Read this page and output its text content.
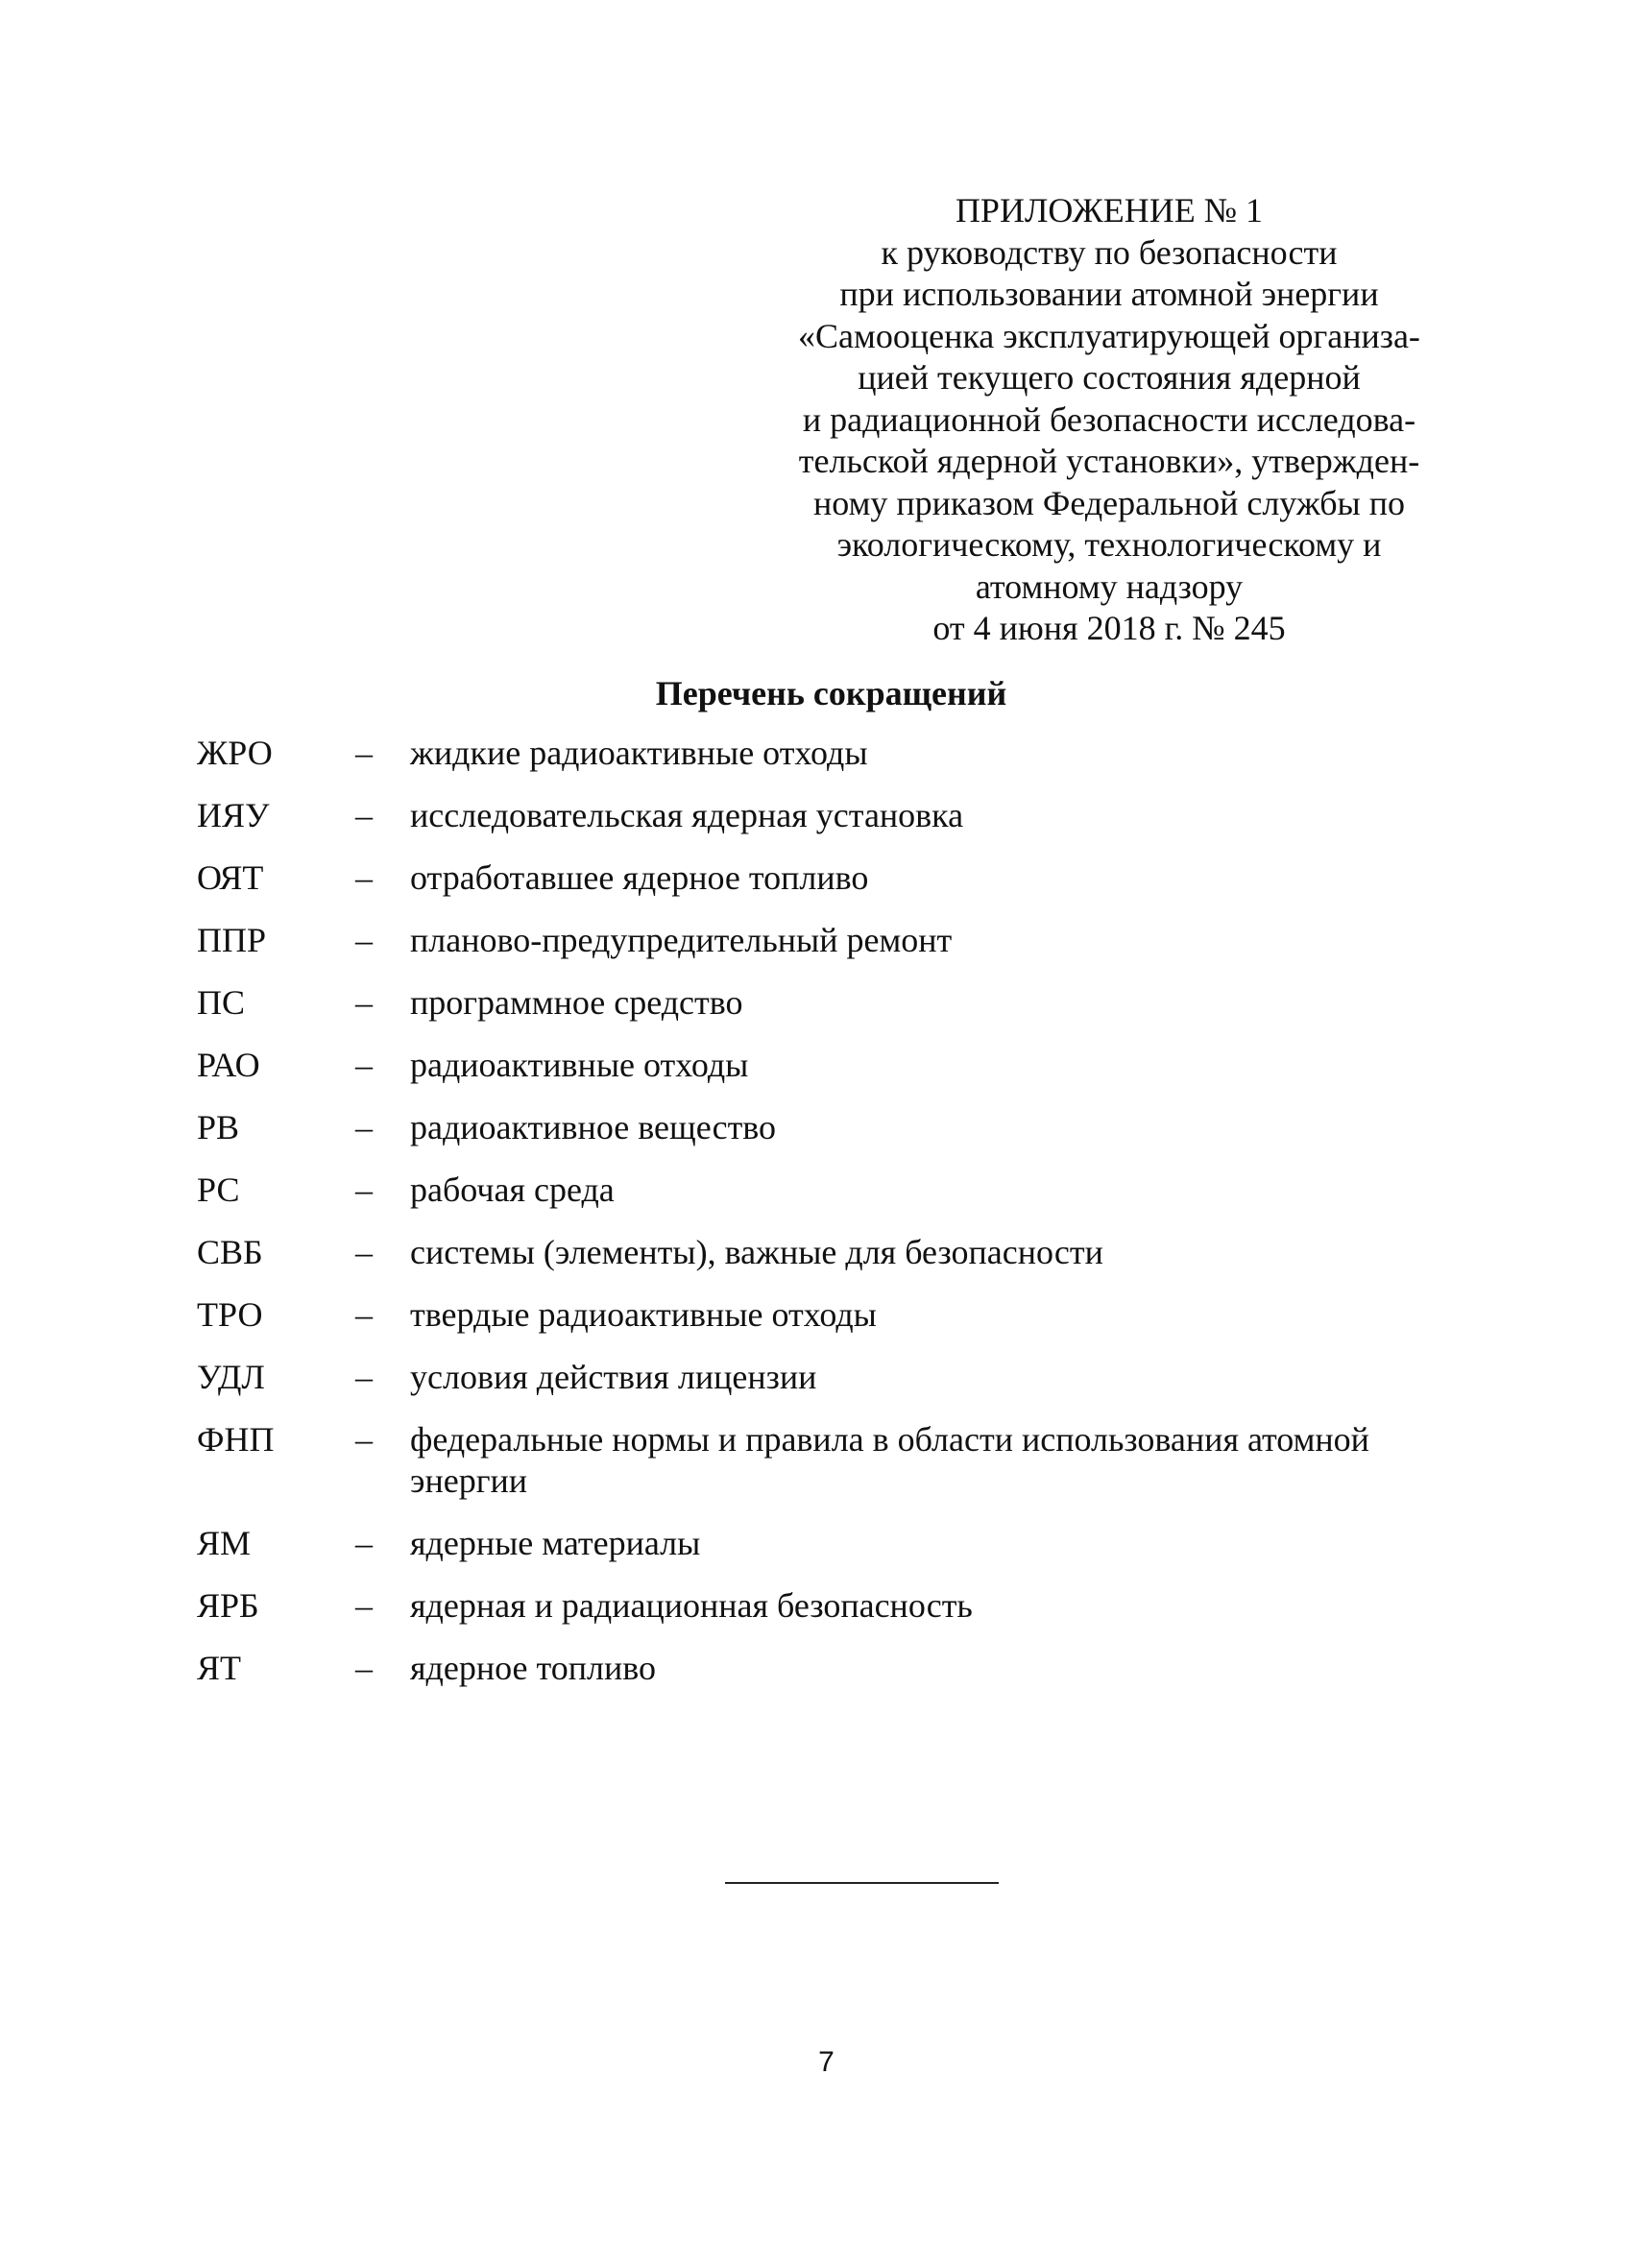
ПРИЛОЖЕНИЕ № 1
к руководству по безопасности
при использовании атомной энергии
«Самооценка эксплуатирующей организа-
цией текущего состояния ядерной
и радиационной безопасности исследова-
тельской ядерной установки», утвержден-
ному приказом Федеральной службы по
экологическому, технологическому и
атомному надзору
от 4 июня 2018 г. № 245
Перечень сокращений
ЖРО	–	жидкие радиоактивные отходы
ИЯУ	–	исследовательская ядерная установка
ОЯТ	–	отработавшее ядерное топливо
ППР	–	планово-предупредительный ремонт
ПС	–	программное средство
РАО	–	радиоактивные отходы
РВ	–	радиоактивное вещество
РС	–	рабочая среда
СВБ	–	системы (элементы), важные для безопасности
ТРО	–	твердые радиоактивные отходы
УДЛ	–	условия действия лицензии
ФНП	–	федеральные нормы и правила в области использования атомной энергии
ЯМ	–	ядерные материалы
ЯРБ	–	ядерная и радиационная безопасность
ЯТ	–	ядерное топливо
7
